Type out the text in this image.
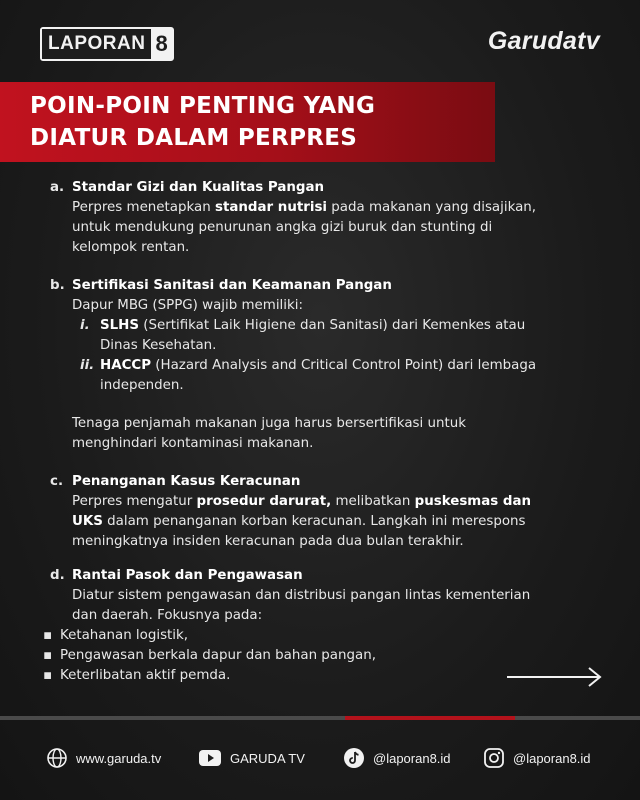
LAPORAN 8	Garudatv
POIN-POIN PENTING YANG
DIATUR DALAM PERPRES
a. Standar Gizi dan Kualitas Pangan
Perpres menetapkan standar nutrisi pada makanan yang disajikan,
untuk mendukung penurunan angka gizi buruk dan stunting di
kelompok rentan.
b. Sertifikasi Sanitasi dan Keamanan Pangan
Dapur MBG (SPPG) wajib memiliki:
i. SLHS (Sertifikat Laik Higiene dan Sanitasi) dari Kemenkes atau
Dinas Kesehatan.
ii. HACCP (Hazard Analysis and Critical Control Point) dari lembaga
independen.
Tenaga penjamah makanan juga harus bersertifikasi untuk
menghindari kontaminasi makanan.
c. Penanganan Kasus Keracunan
Perpres mengatur prosedur darurat, melibatkan puskesmas dan
UKS dalam penanganan korban keracunan. Langkah ini merespons
meningkatnya insiden keracunan pada dua bulan terakhir.
d. Rantai Pasok dan Pengawasan
Diatur sistem pengawasan dan distribusi pangan lintas kementerian
dan daerah. Fokusnya pada:
▪ Ketahanan logistik,
▪ Pengawasan berkala dapur dan bahan pangan,
▪ Keterlibatan aktif pemda.
www.garuda.tv	GARUDA TV	@laporan8.id	@laporan8.id
